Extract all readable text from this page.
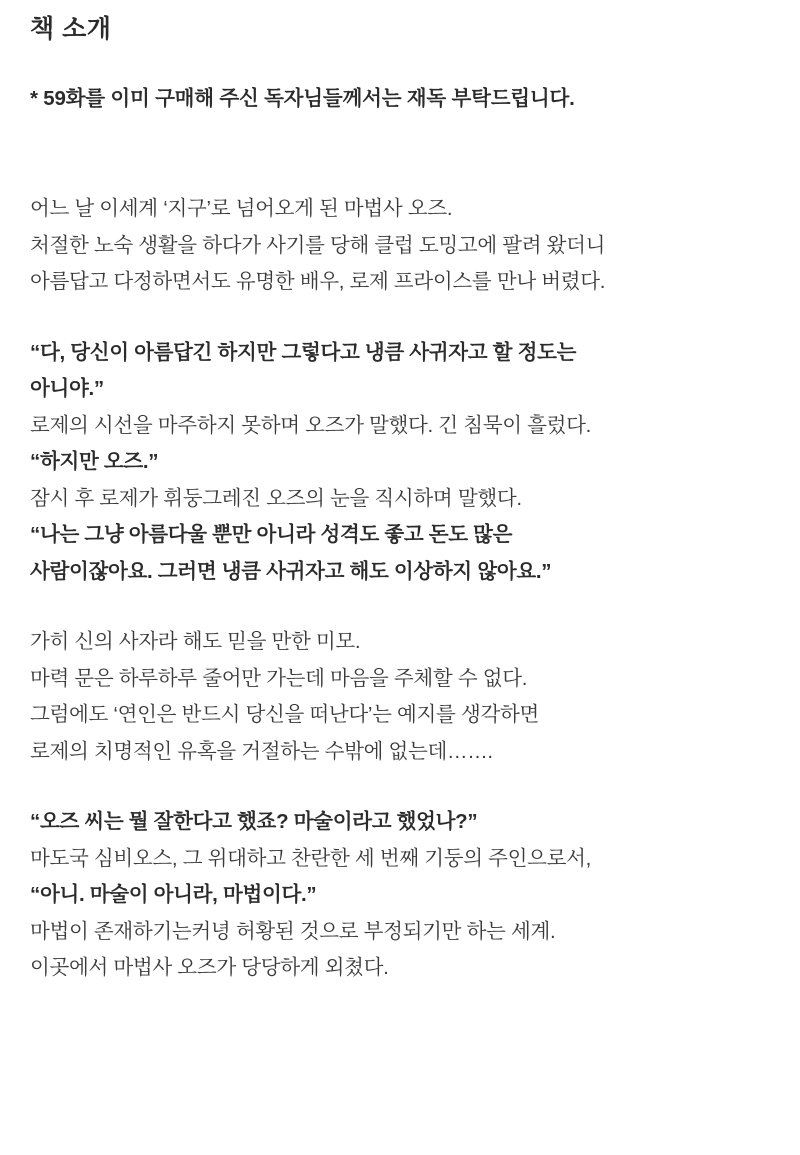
책 소개

* 59화를 이미 구매해 주신 독자님들께서는 재독 부탁드립니다.

어느 날 이세계 ‘지구’로 넘어오게 된 마법사 오즈.
처절한 노숙 생활을 하다가 사기를 당해 클럽 도밍고에 팔려 왔더니
아름답고 다정하면서도 유명한 배우, 로제 프라이스를 만나 버렸다.

“다, 당신이 아름답긴 하지만 그렇다고 냉큼 사귀자고 할 정도는
아니야.”
로제의 시선을 마주하지 못하며 오즈가 말했다. 긴 침묵이 흘렀다.
“하지만 오즈.”
잠시 후 로제가 휘둥그레진 오즈의 눈을 직시하며 말했다.
“나는 그냥 아름다울 뿐만 아니라 성격도 좋고 돈도 많은
사람이잖아요. 그러면 냉큼 사귀자고 해도 이상하지 않아요.”

가히 신의 사자라 해도 믿을 만한 미모.
마력 문은 하루하루 줄어만 가는데 마음을 주체할 수 없다.
그럼에도 ‘연인은 반드시 당신을 떠난다’는 예지를 생각하면
로제의 치명적인 유혹을 거절하는 수밖에 없는데…….

“오즈 씨는 뭘 잘한다고 했죠? 마술이라고 했었나?”
마도국 심비오스, 그 위대하고 찬란한 세 번째 기둥의 주인으로서,
“아니. 마술이 아니라, 마법이다.”
마법이 존재하기는커녕 허황된 것으로 부정되기만 하는 세계.
이곳에서 마법사 오즈가 당당하게 외쳤다.
